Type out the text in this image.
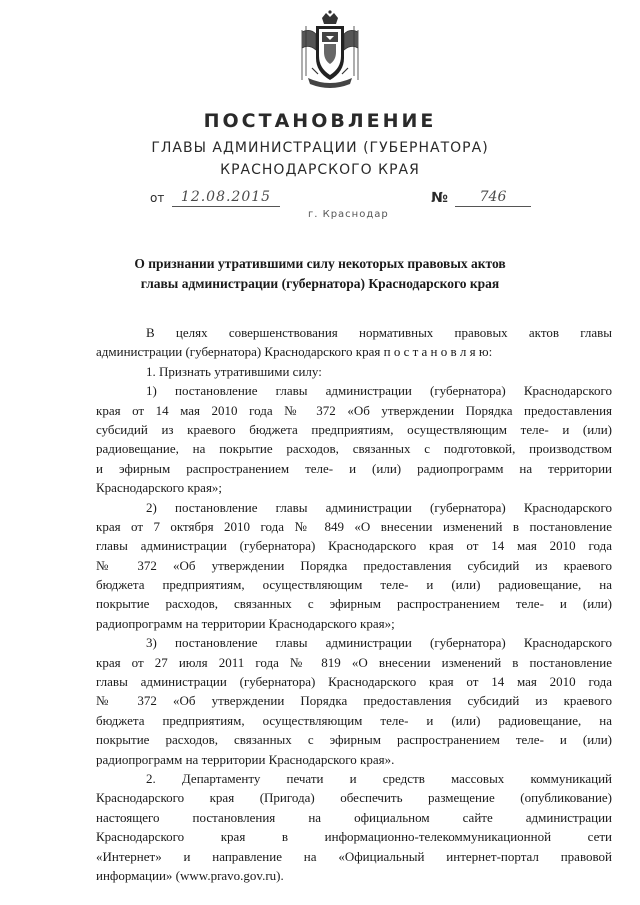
ПОСТАНОВЛЕНИЕ
ГЛАВЫ АДМИНИСТРАЦИИ (ГУБЕРНАТОРА)
КРАСНОДАРСКОГО КРАЯ
от	12.08.2015	№	746
г. Краснодар
О признании утратившими силу некоторых правовых актов
главы администрации (губернатора) Краснодарского края
В целях совершенствования нормативных правовых актов главы
администрации (губернатора) Краснодарского края п о с т а н о в л я ю:
1. Признать утратившими силу:
1) постановление главы администрации (губернатора) Краснодарского
края от 14 мая 2010 года № 372 «Об утверждении Порядка предоставления
субсидий из краевого бюджета предприятиям, осуществляющим теле- и (или)
радиовещание, на покрытие расходов, связанных с подготовкой, производством
и эфирным распространением теле- и (или) радиопрограмм на территории
Краснодарского края»;
2) постановление главы администрации (губернатора) Краснодарского
края от 7 октября 2010 года № 849 «О внесении изменений в постановление
главы администрации (губернатора) Краснодарского края от 14 мая 2010 года
№ 372 «Об утверждении Порядка предоставления субсидий из краевого
бюджета предприятиям, осуществляющим теле- и (или) радиовещание, на
покрытие расходов, связанных с эфирным распространением теле- и (или)
радиопрограмм на территории Краснодарского края»;
3) постановление главы администрации (губернатора) Краснодарского
края от 27 июля 2011 года № 819 «О внесении изменений в постановление
главы администрации (губернатора) Краснодарского края от 14 мая 2010 года
№ 372 «Об утверждении Порядка предоставления субсидий из краевого
бюджета предприятиям, осуществляющим теле- и (или) радиовещание, на
покрытие расходов, связанных с эфирным распространением теле- и (или)
радиопрограмм на территории Краснодарского края».
2. Департаменту печати и средств массовых коммуникаций
Краснодарского края (Пригода) обеспечить размещение (опубликование)
настоящего постановления на официальном сайте администрации
Краснодарского края в информационно-телекоммуникационной сети
«Интернет» и направление на «Официальный интернет-портал правовой
информации» (www.pravo.gov.ru).
